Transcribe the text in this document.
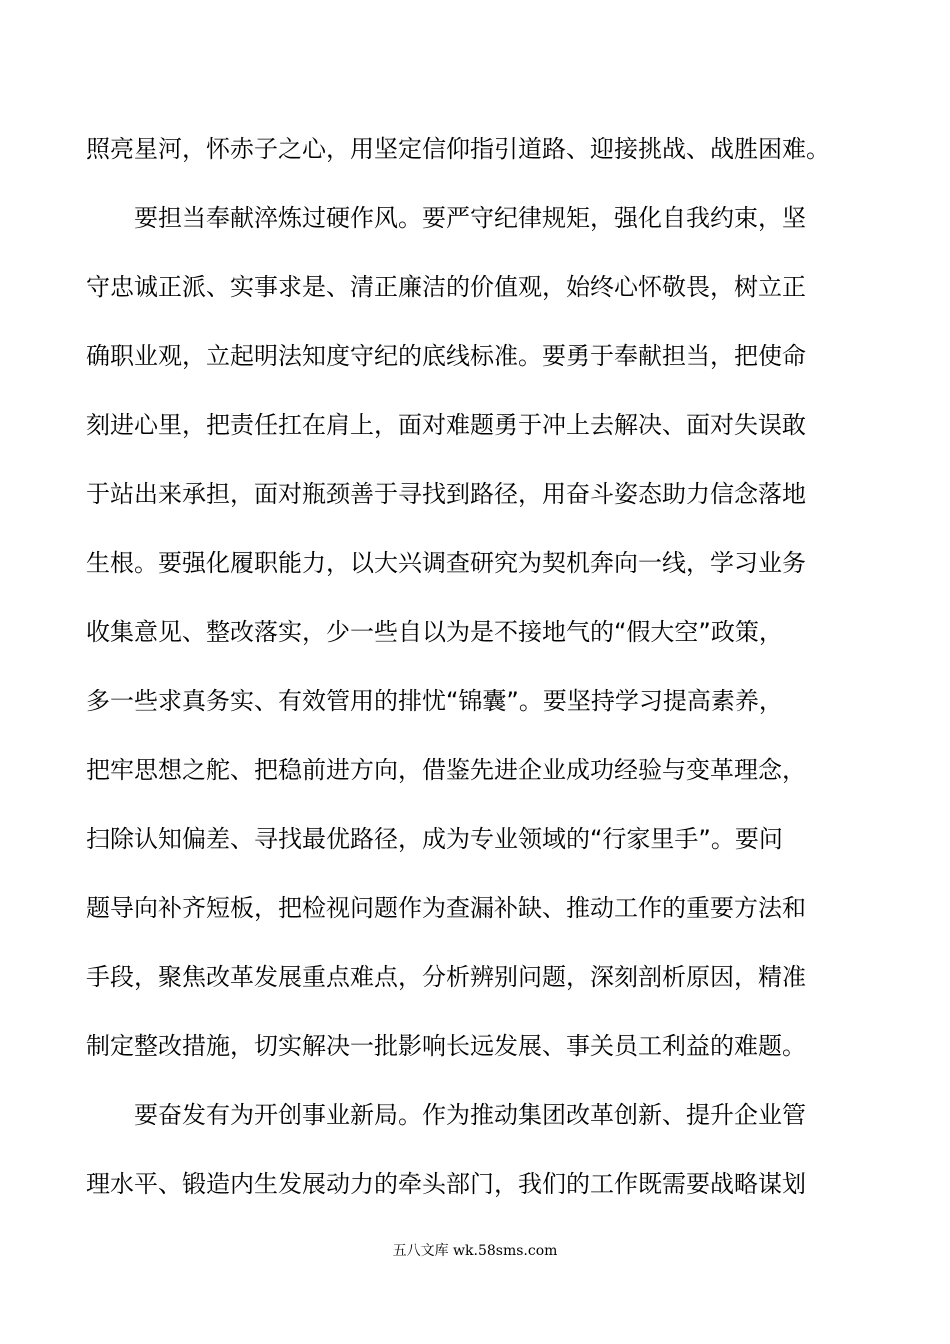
照亮星河，怀赤子之心，用坚定信仰指引道路、迎接挑战、战胜困难。
要担当奉献淬炼过硬作风。要严守纪律规矩，强化自我约束，坚
守忠诚正派、实事求是、清正廉洁的价值观，始终心怀敬畏，树立正
确职业观，立起明法知度守纪的底线标准。要勇于奉献担当，把使命
刻进心里，把责任扛在肩上，面对难题勇于冲上去解决、面对失误敢
于站出来承担，面对瓶颈善于寻找到路径，用奋斗姿态助力信念落地
生根。要强化履职能力，以大兴调查研究为契机奔向一线，学习业务
收集意见、整改落实，少一些自以为是不接地气的“假大空”政策，
多一些求真务实、有效管用的排忧“锦囊”。要坚持学习提高素养，
把牢思想之舵、把稳前进方向，借鉴先进企业成功经验与变革理念，
扫除认知偏差、寻找最优路径，成为专业领域的“行家里手”。要问
题导向补齐短板，把检视问题作为查漏补缺、推动工作的重要方法和
手段，聚焦改革发展重点难点，分析辨别问题，深刻剖析原因，精准
制定整改措施，切实解决一批影响长远发展、事关员工利益的难题。
要奋发有为开创事业新局。作为推动集团改革创新、提升企业管
理水平、锻造内生发展动力的牵头部门，我们的工作既需要战略谋划
五八文库 wk.58sms.com
